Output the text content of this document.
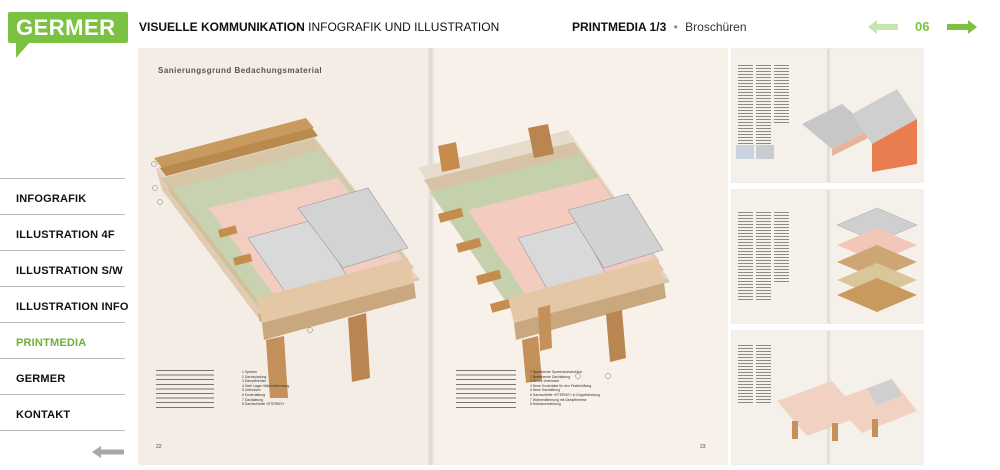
GERMER	VISUELLE KOMMUNIKATION INFOGRAFIK UND ILLUSTRATION	PRINTMEDIA 1/3 • Broschüren	06
INFOGRAFIK
ILLUSTRATION 4F
ILLUSTRATION S/W
ILLUSTRATION INFO
PRINTMEDIA
GERMER
KONTAKT
Sanierungsgrund Bedachungsmaterial
1 Sparren
2 Dachschalung
3 Dampfbremse
4 Zwei Lagen Wärmedämmung
5 Unterdach
6 Konterlattung
7 Dachlattung
8 Dachschindel «ETERNIT»
1 Bestehende Sparrenkonstruktion
2 Bestehende Dachlattung
3 Neues Unterdach
4 Neue Konterlatte für den Firstbelüftung
5 Neue Dachlattung
6 Dachschiefer «ETERNIT» in Doppeldeckung
7 Wärmedämmung mit Dampfbremse
8 Holzbaverkleidung
22	23
